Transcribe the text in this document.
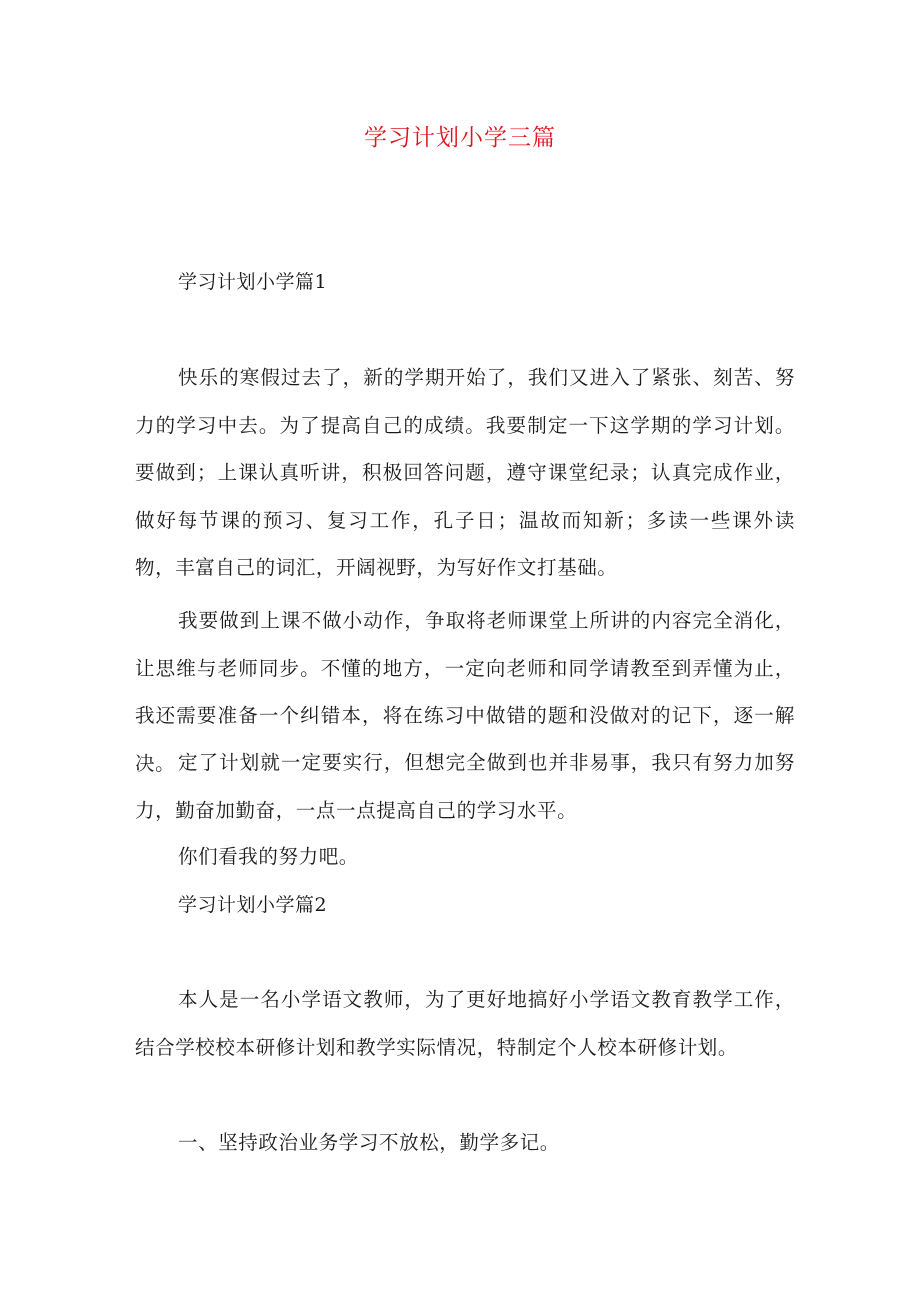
学习计划小学三篇
学习计划小学篇1

快乐的寒假过去了，新的学期开始了，我们又进入了紧张、刻苦、努力的学习中去。为了提高自己的成绩。我要制定一下这学期的学习计划。要做到；上课认真听讲，积极回答问题，遵守课堂纪录；认真完成作业，做好每节课的预习、复习工作，孔子日；温故而知新；多读一些课外读物，丰富自己的词汇，开阔视野，为写好作文打基础。

我要做到上课不做小动作，争取将老师课堂上所讲的内容完全消化，让思维与老师同步。不懂的地方，一定向老师和同学请教至到弄懂为止，我还需要准备一个纠错本，将在练习中做错的题和没做对的记下，逐一解决。 定了计划就一定要实行，但想完全做到也并非易事，我只有努力加努力，勤奋加勤奋，一点一点提高自己的学习水平。

你们看我的努力吧。

学习计划小学篇2

本人是一名小学语文教师，为了更好地搞好小学语文教育教学工作，结合学校校本研修计划和教学实际情况，特制定个人校本研修计划。

一、坚持政治业务学习不放松，勤学多记。
